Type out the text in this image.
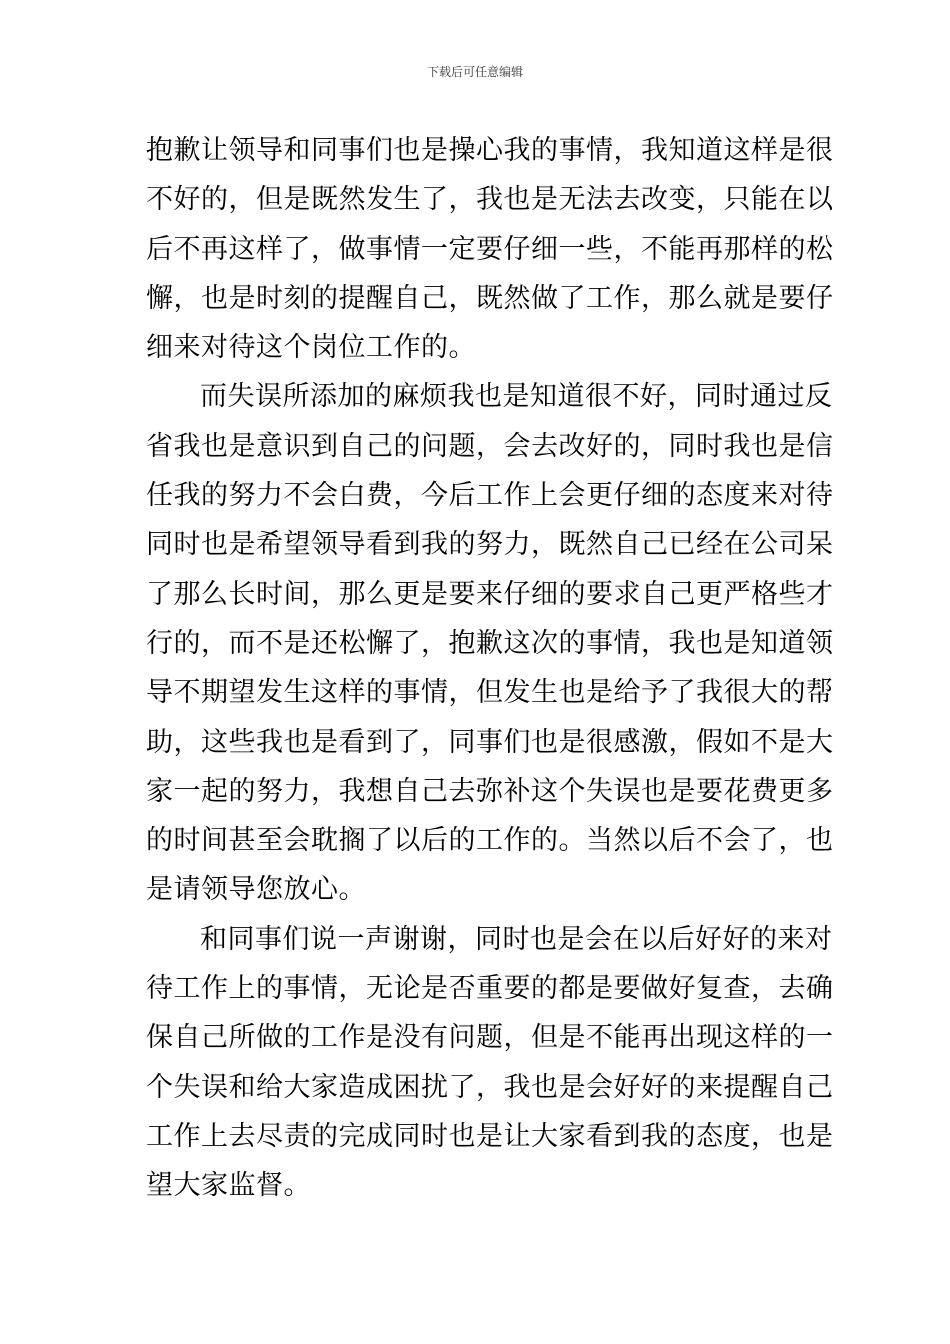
下载后可任意编辑
抱歉让领导和同事们也是操心我的事情，我知道这样是很
不好的，但是既然发生了，我也是无法去改变，只能在以
后不再这样了，做事情一定要仔细一些，不能再那样的松
懈，也是时刻的提醒自己，既然做了工作，那么就是要仔
细来对待这个岗位工作的。
而失误所添加的麻烦我也是知道很不好，同时通过反
省我也是意识到自己的问题，会去改好的，同时我也是信
任我的努力不会白费，今后工作上会更仔细的态度来对待
同时也是希望领导看到我的努力，既然自己已经在公司呆
了那么长时间，那么更是要来仔细的要求自己更严格些才
行的，而不是还松懈了，抱歉这次的事情，我也是知道领
导不期望发生这样的事情，但发生也是给予了我很大的帮
助，这些我也是看到了，同事们也是很感激，假如不是大
家一起的努力，我想自己去弥补这个失误也是要花费更多
的时间甚至会耽搁了以后的工作的。当然以后不会了，也
是请领导您放心。
和同事们说一声谢谢，同时也是会在以后好好的来对
待工作上的事情，无论是否重要的都是要做好复查，去确
保自己所做的工作是没有问题，但是不能再出现这样的一
个失误和给大家造成困扰了，我也是会好好的来提醒自己
工作上去尽责的完成同时也是让大家看到我的态度，也是
望大家监督。
